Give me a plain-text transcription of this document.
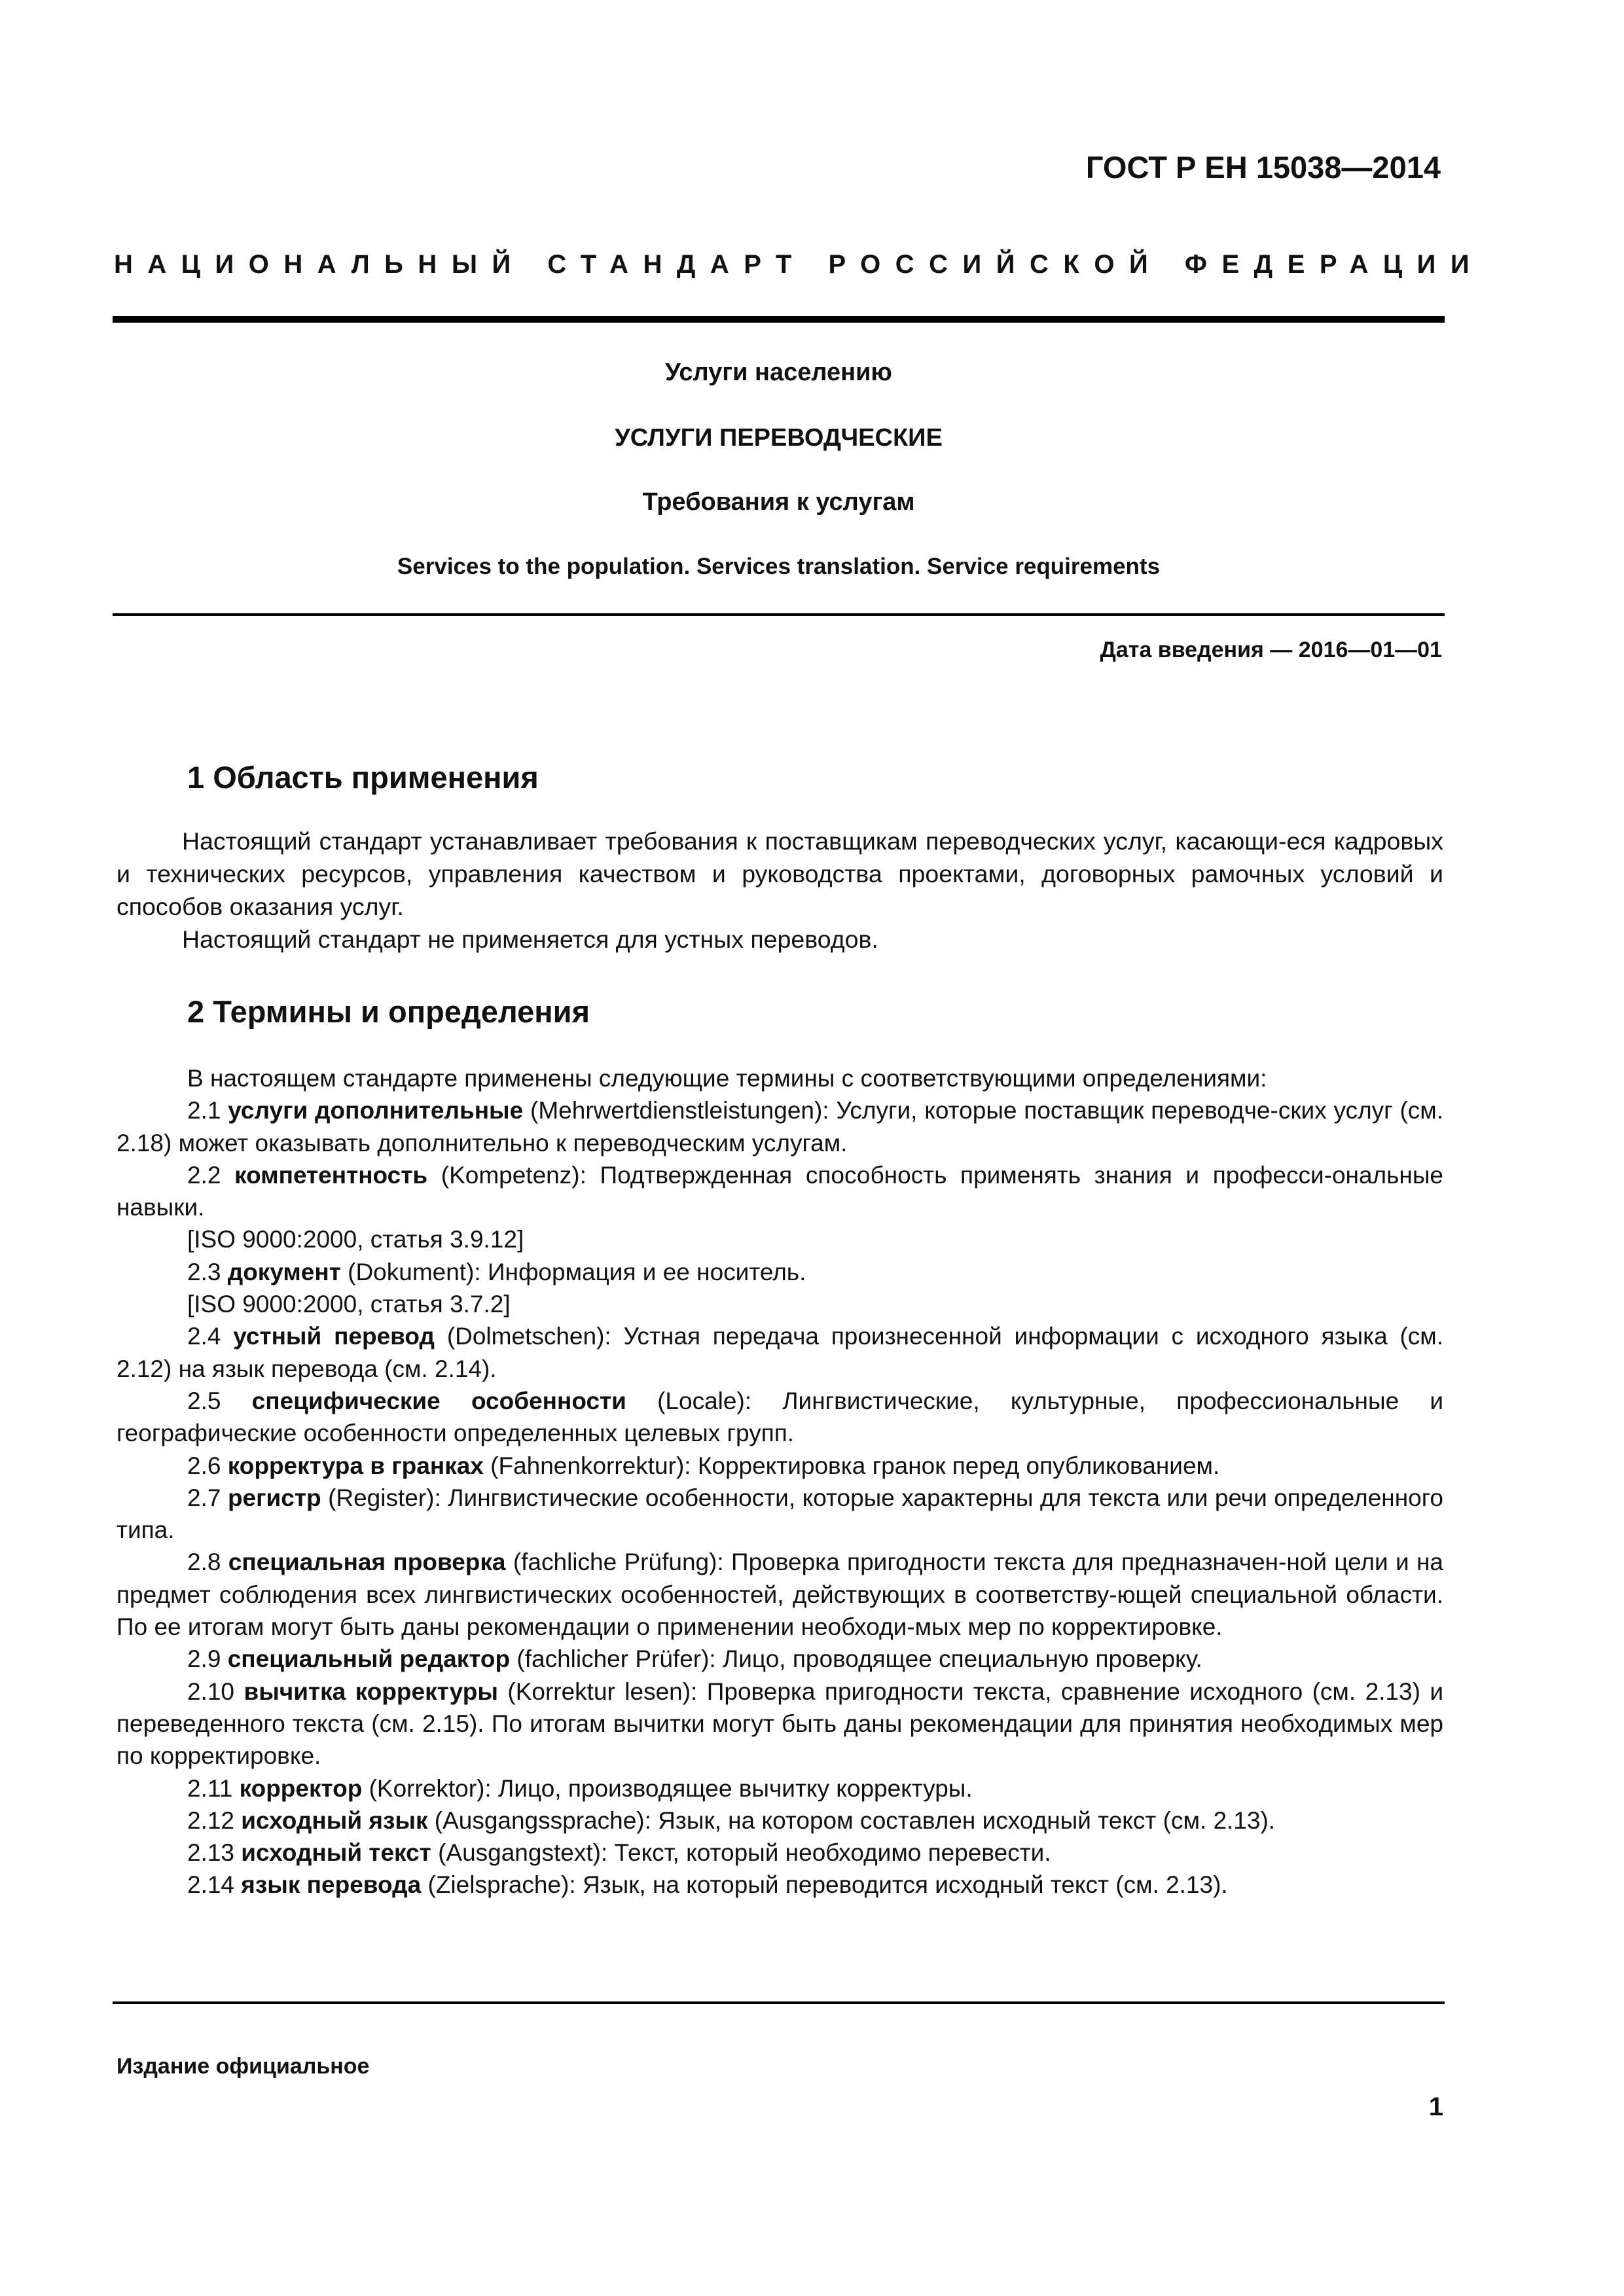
ГОСТ Р ЕН 15038—2014
НАЦИОНАЛЬНЫЙ СТАНДАРТ РОССИЙСКОЙ ФЕДЕРАЦИИ
Услуги населению
УСЛУГИ ПЕРЕВОДЧЕСКИЕ
Требования к услугам
Services to the population. Services translation. Service requirements
Дата введения — 2016—01—01
1 Область применения

Настоящий стандарт устанавливает требования к поставщикам переводческих услуг, касающи-еся кадровых и технических ресурсов, управления качеством и руководства проектами, договорных рамочных условий и способов оказания услуг.

Настоящий стандарт не применяется для устных переводов.

2 Термины и определения

В настоящем стандарте применены следующие термины с соответствующими определениями:

2.1 услуги дополнительные (Mehrwertdienstleistungen): Услуги, которые поставщик переводче-ских услуг (см. 2.18) может оказывать дополнительно к переводческим услугам.

2.2 компетентность (Kompetenz): Подтвержденная способность применять знания и професси-ональные навыки.

[ISO 9000:2000, статья 3.9.12]

2.3 документ (Dokument): Информация и ее носитель.

[ISO 9000:2000, статья 3.7.2]

2.4 устный перевод (Dolmetschen): Устная передача произнесенной информации с исходного языка (см. 2.12) на язык перевода (см. 2.14).

2.5 специфические особенности (Locale): Лингвистические, культурные, профессиональные и географические особенности определенных целевых групп.

2.6 корректура в гранках (Fahnenkorrektur): Корректировка гранок перед опубликованием.

2.7 регистр (Register): Лингвистические особенности, которые характерны для текста или речи определенного типа.

2.8 специальная проверка (fachliche Prüfung): Проверка пригодности текста для предназначен-ной цели и на предмет соблюдения всех лингвистических особенностей, действующих в соответству-ющей специальной области. По ее итогам могут быть даны рекомендации о применении необходи-мых мер по корректировке.

2.9 специальный редактор (fachlicher Prüfer): Лицо, проводящее специальную проверку.

2.10 вычитка корректуры (Korrektur lesen): Проверка пригодности текста, сравнение исходного (см. 2.13) и переведенного текста (см. 2.15). По итогам вычитки могут быть даны рекомендации для принятия необходимых мер по корректировке.

2.11 корректор (Korrektor): Лицо, производящее вычитку корректуры.

2.12 исходный язык (Ausgangssprache): Язык, на котором составлен исходный текст (см. 2.13).

2.13 исходный текст (Ausgangstext): Текст, который необходимо перевести.

2.14 язык перевода (Zielsprache): Язык, на который переводится исходный текст (см. 2.13).

Издание официальное
1
